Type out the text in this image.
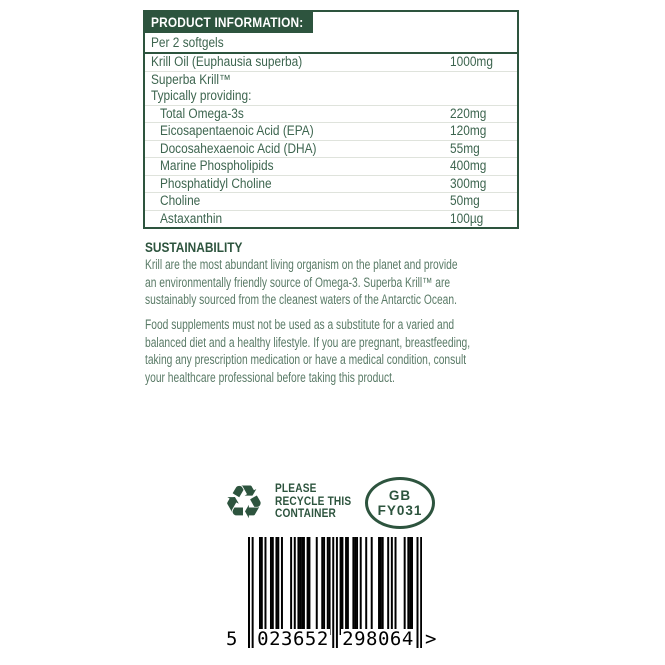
PRODUCT INFORMATION:
Per 2 softgels
Krill Oil (Euphausia superba)	1000mg
Superba Krill™
Typically providing:
Total Omega-3s	220mg
Eicosapentaenoic Acid (EPA)	120mg
Docosahexaenoic Acid (DHA)	55mg
Marine Phospholipids	400mg
Phosphatidyl Choline	300mg
Choline	50mg
Astaxanthin	100µg
SUSTAINABILITY
Krill are the most abundant living organism on the planet and provide
an environmentally friendly source of Omega-3. Superba Krill™ are
sustainably sourced from the cleanest waters of the Antarctic Ocean.
Food supplements must not be used as a substitute for a varied and
balanced diet and a healthy lifestyle. If you are pregnant, breastfeeding,
taking any prescription medication or have a medical condition, consult
your healthcare professional before taking this product.
♻ PLEASE
RECYCLE THIS
CONTAINER
GB
FY031
5 023652 298064 >
